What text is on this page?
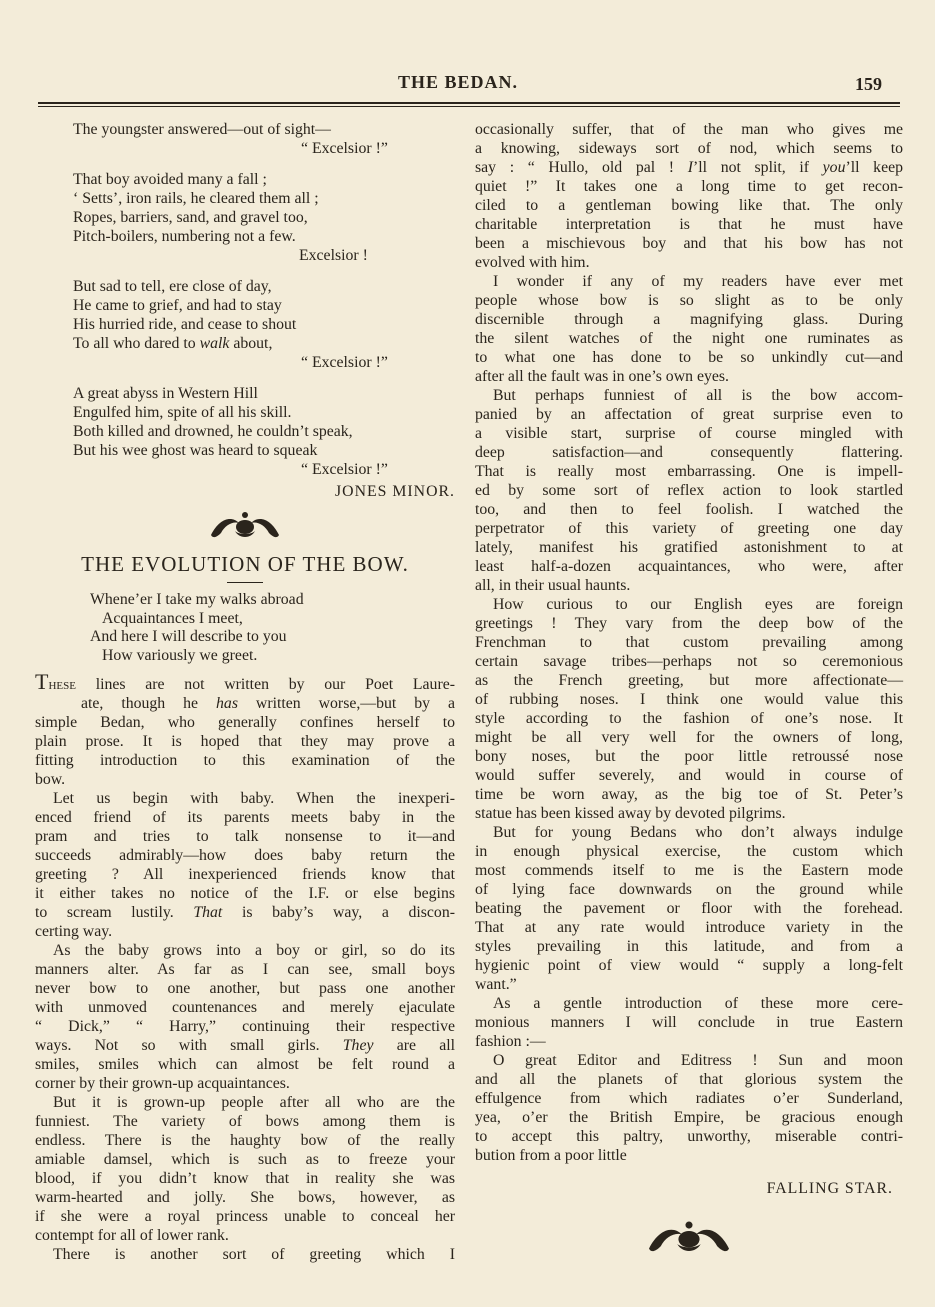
THE BEDAN.	159
The youngster answered—out of sight—
“ Excelsior !”
That boy avoided many a fall ;
‘ Setts’, iron rails, he cleared them all ;
Ropes, barriers, sand, and gravel too,
Pitch-boilers, numbering not a few.
Excelsior !
But sad to tell, ere close of day,
He came to grief, and had to stay
His hurried ride, and cease to shout
To all who dared to walk about,
“ Excelsior !”
A great abyss in Western Hill
Engulfed him, spite of all his skill.
Both killed and drowned, he couldn’t speak,
But his wee ghost was heard to squeak
“ Excelsior !”
JONES MINOR.
THE EVOLUTION OF THE BOW.
Whene’er I take my walks abroad
Acquaintances I meet,
And here I will describe to you
How variously we greet.
These lines are not written by our Poet Laure-
ate, though he has written worse,—but by a
simple Bedan, who generally confines herself to
plain prose. It is hoped that they may prove a
fitting introduction to this examination of the
bow.
Let us begin with baby. When the inexperi-
enced friend of its parents meets baby in the
pram and tries to talk nonsense to it—and
succeeds admirably—how does baby return the
greeting ? All inexperienced friends know that
it either takes no notice of the I.F. or else begins
to scream lustily. That is baby’s way, a discon-
certing way.
As the baby grows into a boy or girl, so do its
manners alter. As far as I can see, small boys
never bow to one another, but pass one another
with unmoved countenances and merely ejaculate
“ Dick,” “ Harry,” continuing their respective
ways. Not so with small girls. They are all
smiles, smiles which can almost be felt round a
corner by their grown-up acquaintances.
But it is grown-up people after all who are the
funniest. The variety of bows among them is
endless. There is the haughty bow of the really
amiable damsel, which is such as to freeze your
blood, if you didn’t know that in reality she was
warm-hearted and jolly. She bows, however, as
if she were a royal princess unable to conceal her
contempt for all of lower rank.
There is another sort of greeting which I
occasionally suffer, that of the man who gives me
a knowing, sideways sort of nod, which seems to
say : “ Hullo, old pal ! I’ll not split, if you’ll keep
quiet !” It takes one a long time to get recon-
ciled to a gentleman bowing like that. The only
charitable interpretation is that he must have
been a mischievous boy and that his bow has not
evolved with him.
I wonder if any of my readers have ever met
people whose bow is so slight as to be only
discernible through a magnifying glass. During
the silent watches of the night one ruminates as
to what one has done to be so unkindly cut—and
after all the fault was in one’s own eyes.
But perhaps funniest of all is the bow accom-
panied by an affectation of great surprise even to
a visible start, surprise of course mingled with
deep satisfaction—and consequently flattering.
That is really most embarrassing. One is impell-
ed by some sort of reflex action to look startled
too, and then to feel foolish. I watched the
perpetrator of this variety of greeting one day
lately, manifest his gratified astonishment to at
least half-a-dozen acquaintances, who were, after
all, in their usual haunts.
How curious to our English eyes are foreign
greetings ! They vary from the deep bow of the
Frenchman to that custom prevailing among
certain savage tribes—perhaps not so ceremonious
as the French greeting, but more affectionate—
of rubbing noses. I think one would value this
style according to the fashion of one’s nose. It
might be all very well for the owners of long,
bony noses, but the poor little retroussé nose
would suffer severely, and would in course of
time be worn away, as the big toe of St. Peter’s
statue has been kissed away by devoted pilgrims.
But for young Bedans who don’t always indulge
in enough physical exercise, the custom which
most commends itself to me is the Eastern mode
of lying face downwards on the ground while
beating the pavement or floor with the forehead.
That at any rate would introduce variety in the
styles prevailing in this latitude, and from a
hygienic point of view would “ supply a long-felt
want.”
As a gentle introduction of these more cere-
monious manners I will conclude in true Eastern
fashion :—
O great Editor and Editress ! Sun and moon
and all the planets of that glorious system the
effulgence from which radiates o’er Sunderland,
yea, o’er the British Empire, be gracious enough
to accept this paltry, unworthy, miserable contri-
bution from a poor little
FALLING STAR.
